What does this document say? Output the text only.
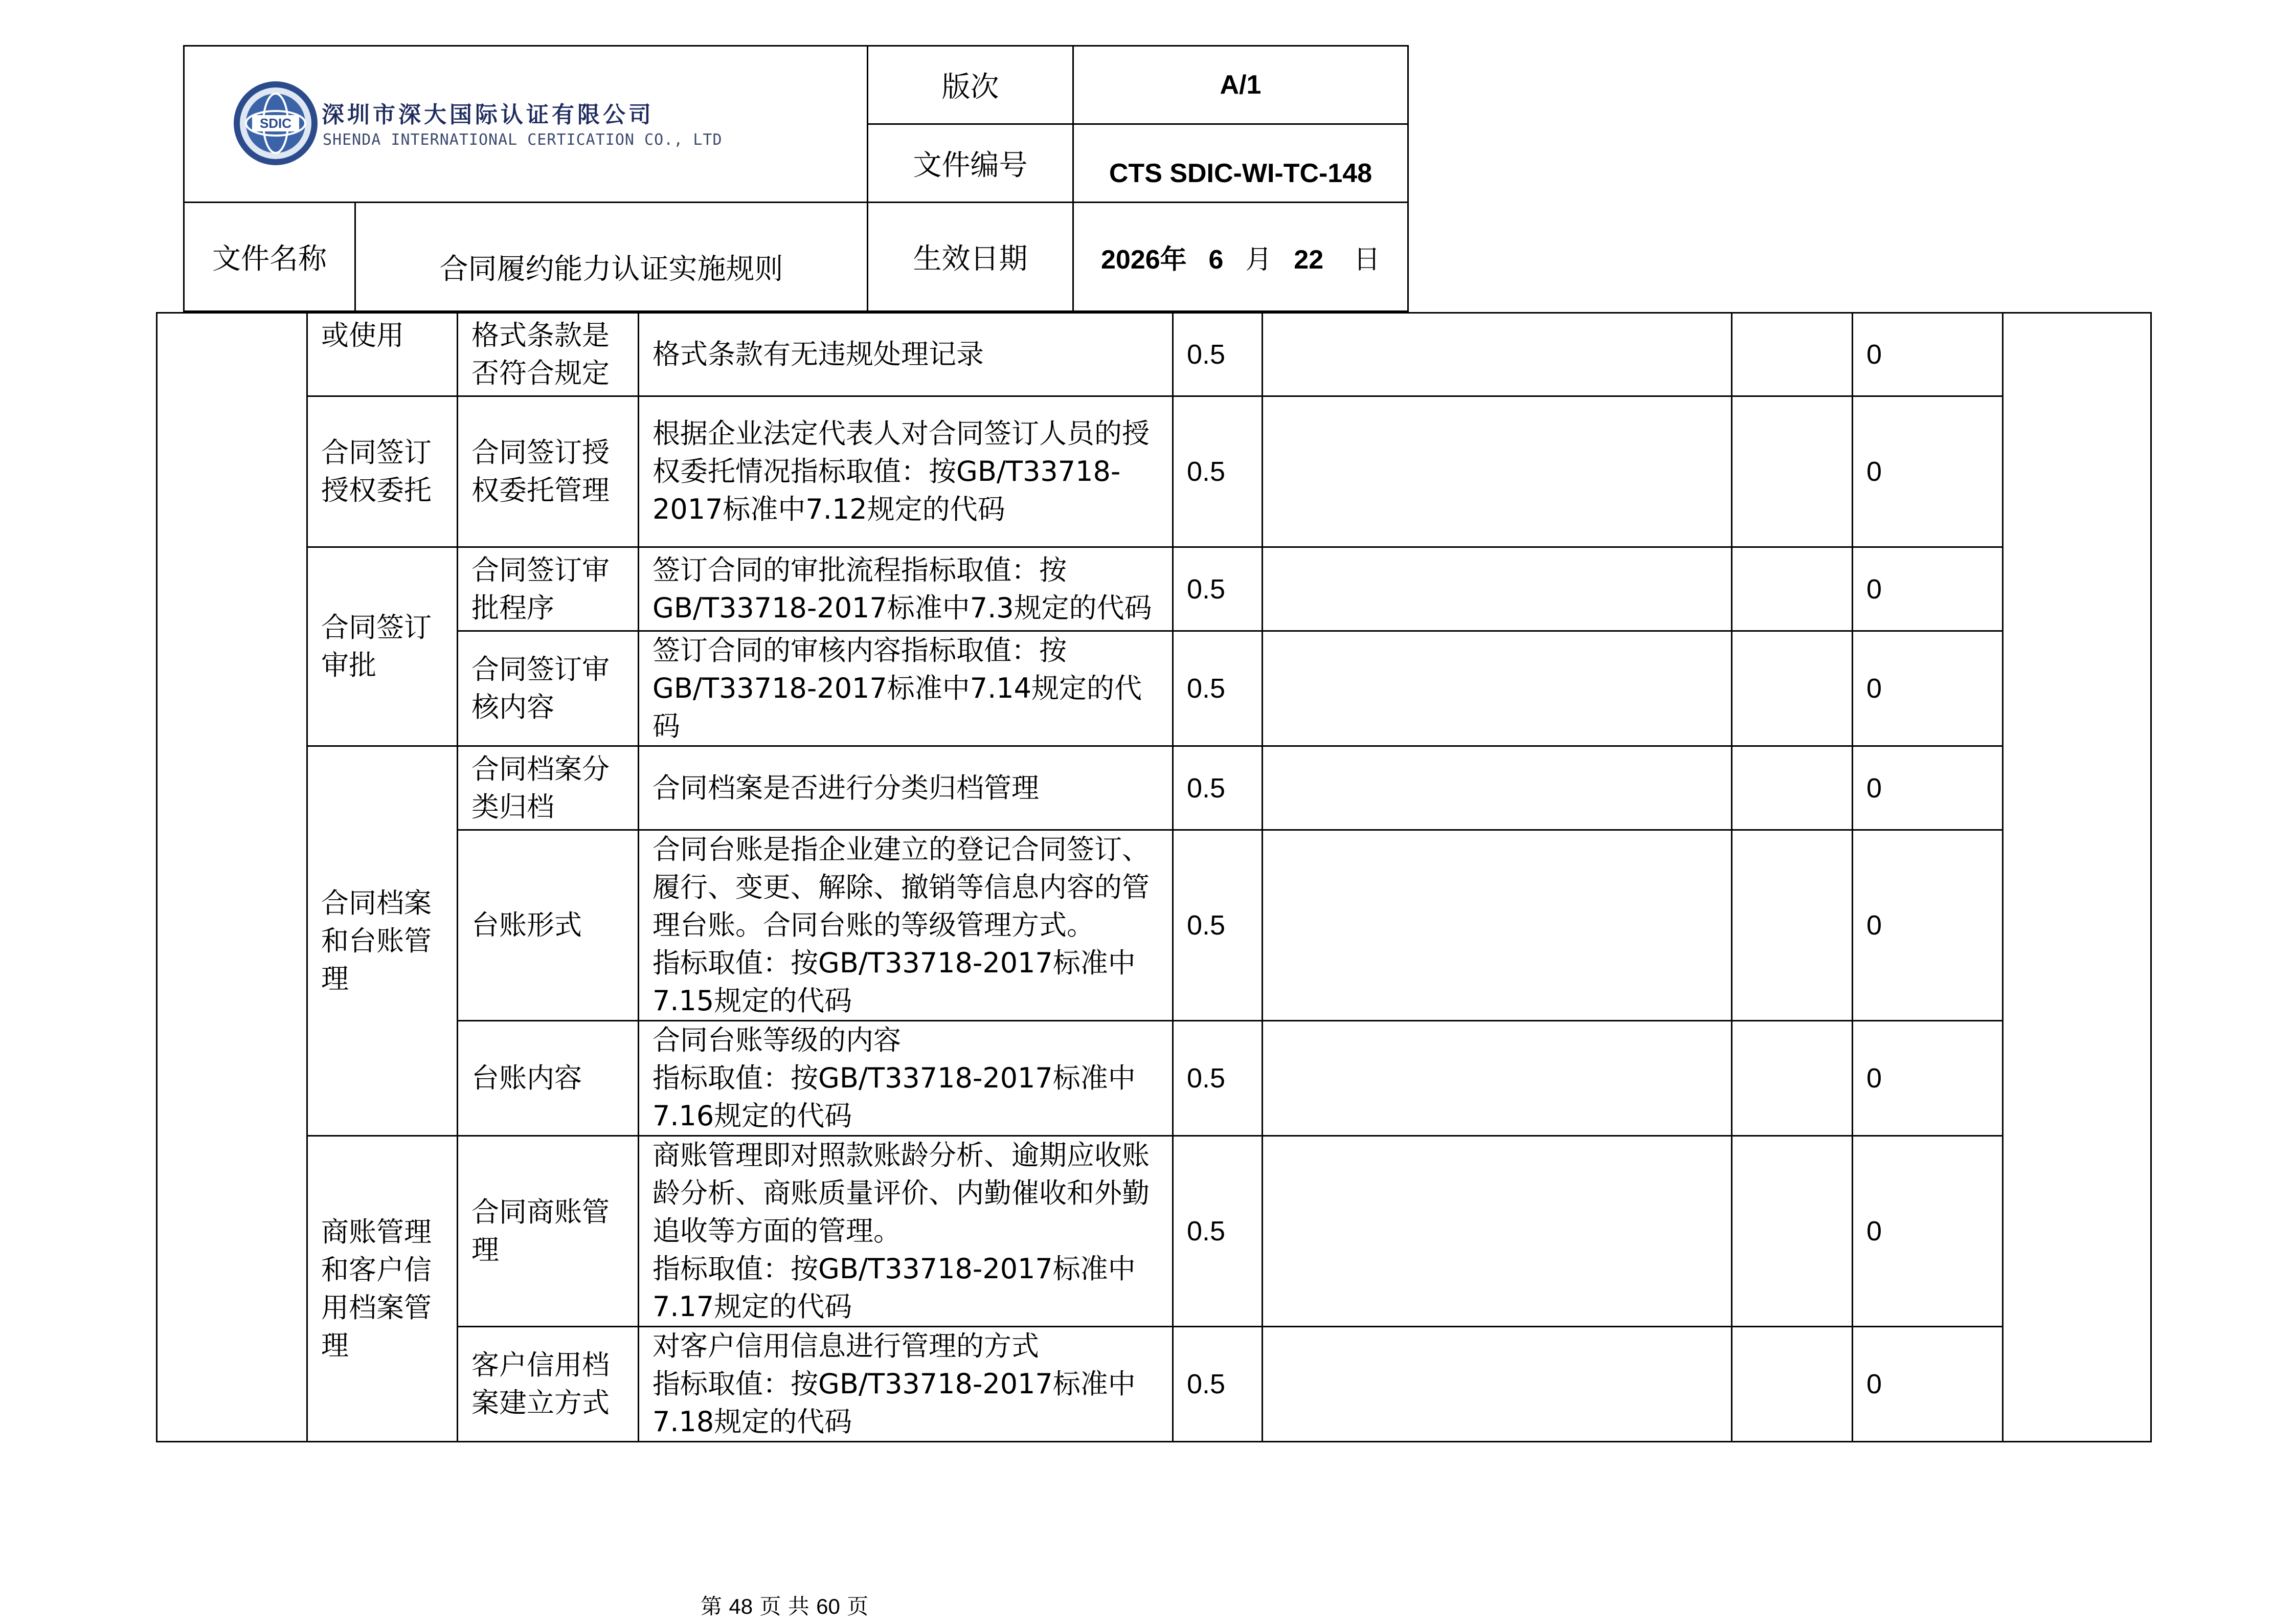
SDIC 深圳市深大国际认证有限公司
SHENDA INTERNATIONAL CERTICATION CO., LTD		版次	A/1
		文件编号	CTS SDIC-WI-TC-148
文件名称	合同履约能力认证实施规则	生效日期	2026年 6 月 22 日
	或使用	格式条款是否符合规定	格式条款有无违规处理记录	0.5			0	
	合同签订授权委托	合同签订授权委托管理	根据企业法定代表人对合同签订人员的授权委托情况指标取值：按GB/T33718-2017标准中7.12规定的代码	0.5			0	
	合同签订审批	合同签订审批程序	签订合同的审批流程指标取值：按GB/T33718-2017标准中7.3规定的代码	0.5			0	
		合同签订审核内容	签订合同的审核内容指标取值：按GB/T33718-2017标准中7.14规定的代码	0.5			0	
	合同档案和台账管理	合同档案分类归档	合同档案是否进行分类归档管理	0.5			0	
		台账形式	合同台账是指企业建立的登记合同签订、履行、变更、解除、撤销等信息内容的管理台账。合同台账的等级管理方式。
指标取值：按GB/T33718-2017标准中7.15规定的代码	0.5			0	
		台账内容	合同台账等级的内容
指标取值：按GB/T33718-2017标准中7.16规定的代码	0.5			0	
	商账管理和客户信用档案管理	合同商账管理	商账管理即对照款账龄分析、逾期应收账龄分析、商账质量评价、内勤催收和外勤追收等方面的管理。
指标取值：按GB/T33718-2017标准中7.17规定的代码	0.5			0	
		客户信用档案建立方式	对客户信用信息进行管理的方式
指标取值：按GB/T33718-2017标准中7.18规定的代码	0.5			0	
第 48 页 共 60 页
